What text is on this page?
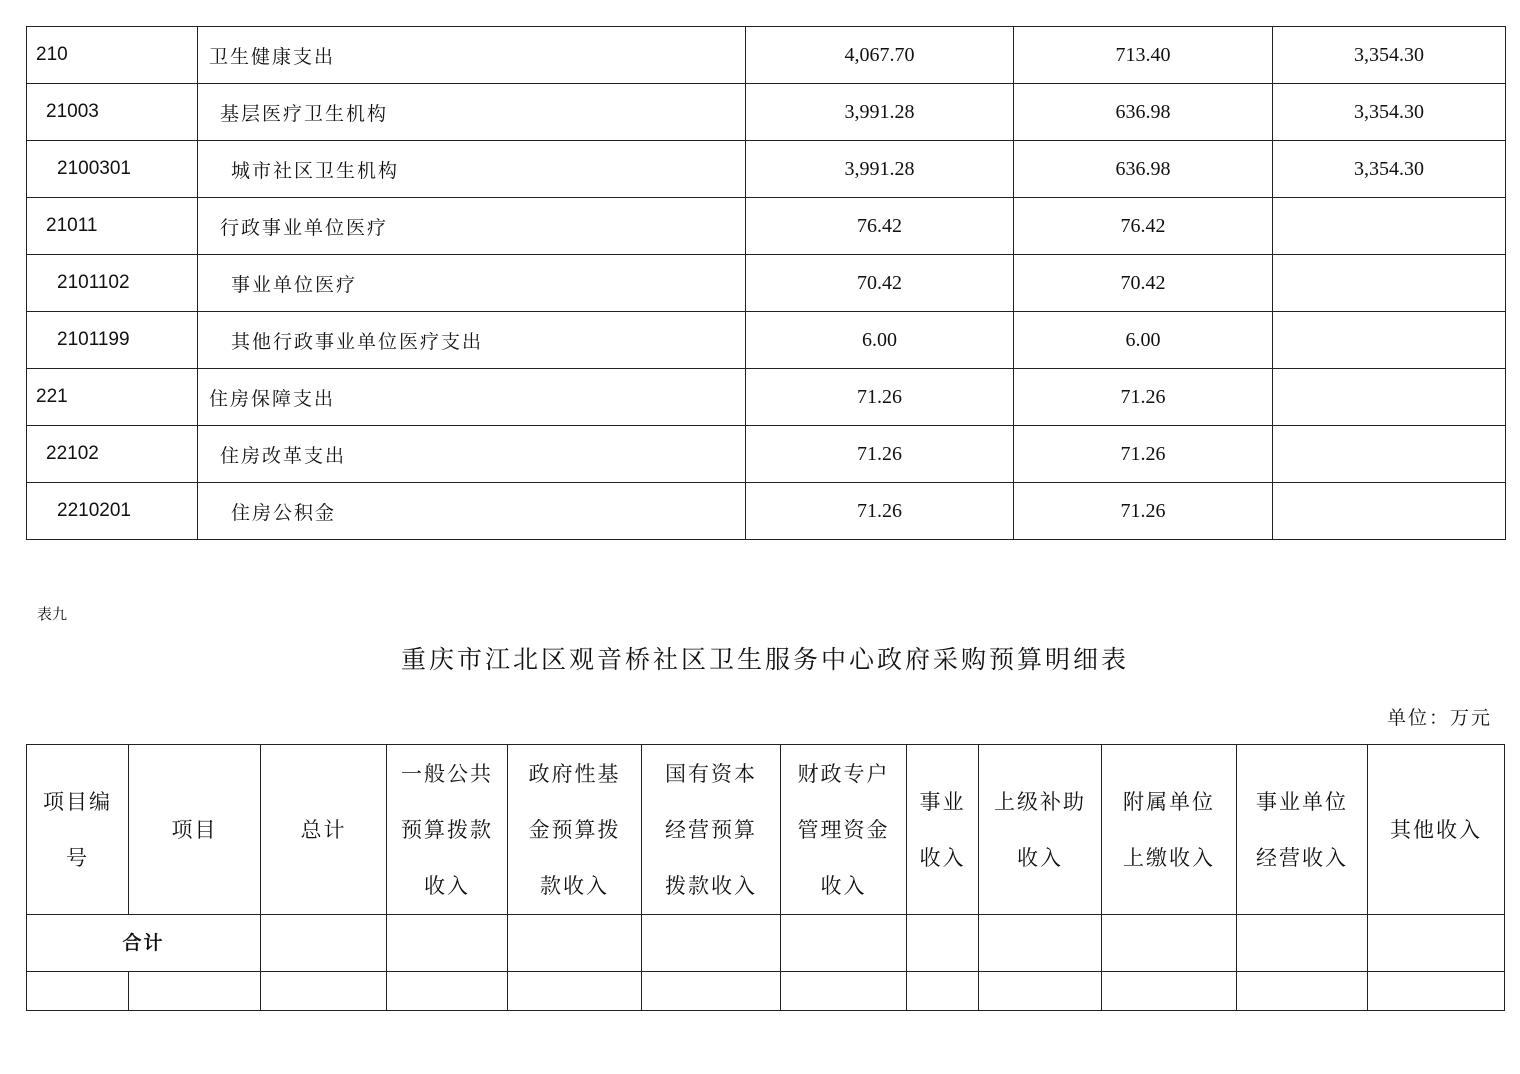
210	卫生健康支出	4,067.70	713.40	3,354.30
21003	基层医疗卫生机构	3,991.28	636.98	3,354.30
2100301	城市社区卫生机构	3,991.28	636.98	3,354.30
21011	行政事业单位医疗	76.42	76.42	
2101102	事业单位医疗	70.42	70.42	
2101199	其他行政事业单位医疗支出	6.00	6.00	
221	住房保障支出	71.26	71.26	
22102	住房改革支出	71.26	71.26	
2210201	住房公积金	71.26	71.26	
表九
重庆市江北区观音桥社区卫生服务中心政府采购预算明细表
单位：万元
项目编
号	项目	总计	一般公共
预算拨款
收入	政府性基
金预算拨
款收入	国有资本
经营预算
拨款收入	财政专户
管理资金
收入	事业
收入	上级补助
收入	附属单位
上缴收入	事业单位
经营收入	其他收入

合计											
